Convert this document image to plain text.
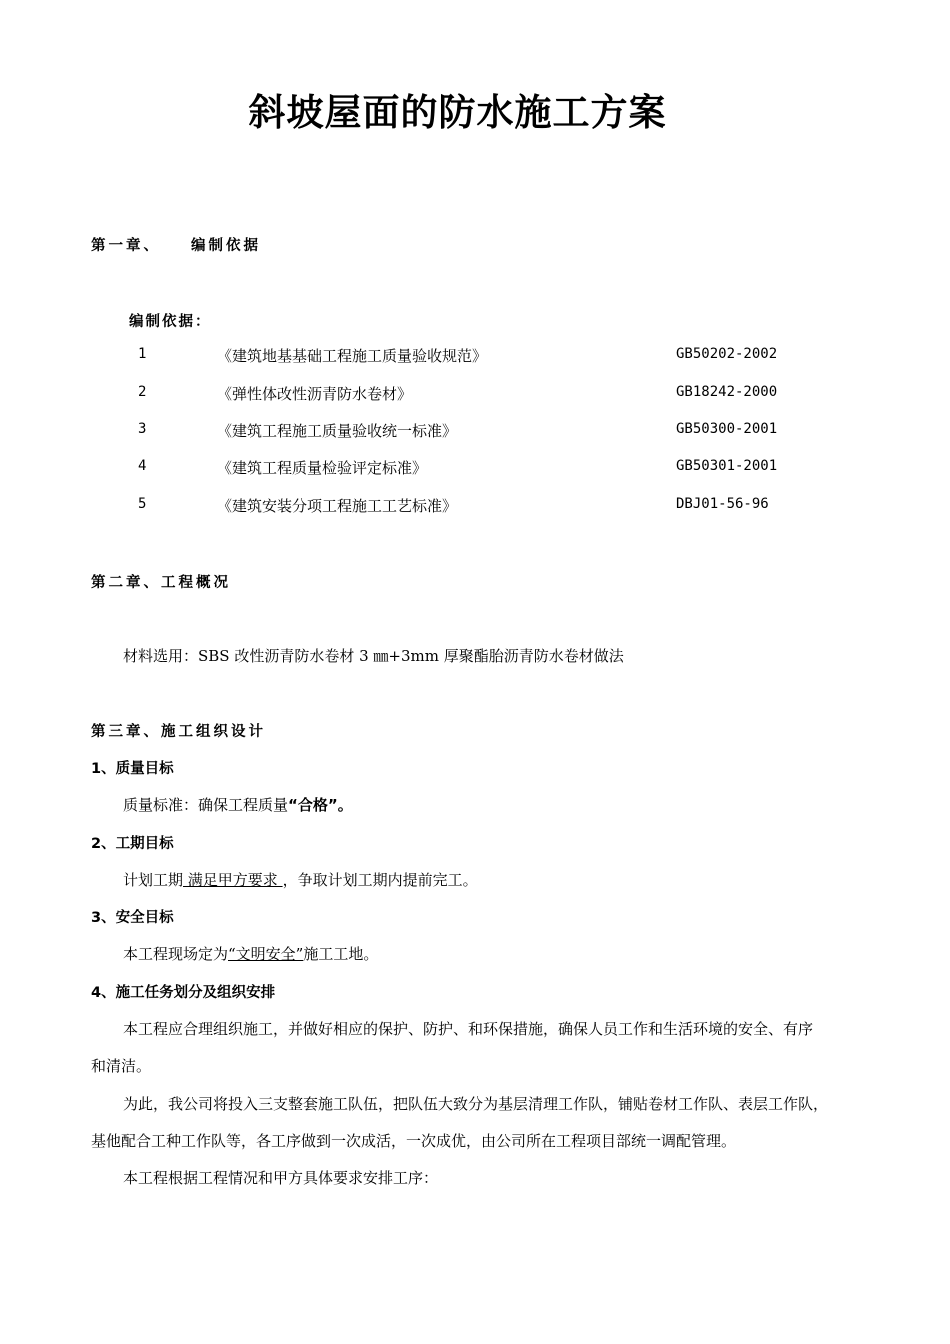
斜坡屋面的防水施工方案
第一章、 编制依据
编制依据：
1	《建筑地基基础工程施工质量验收规范》	GB50202-2002
2	《弹性体改性沥青防水卷材》	GB18242-2000
3	《建筑工程施工质量验收统一标准》	GB50300-2001
4	《建筑工程质量检验评定标准》	GB50301-2001
5	《建筑安装分项工程施工工艺标准》	DBJ01-56-96
第二章、工程概况
材料选用：SBS 改性沥青防水卷材 3 ㎜+3mm 厚聚酯胎沥青防水卷材做法
第三章、施工组织设计
1、质量目标
质量标准：确保工程质量“合格”。
2、工期目标
计划工期 满足甲方要求 ，争取计划工期内提前完工。
3、安全目标
本工程现场定为“文明安全”施工工地。
4、施工任务划分及组织安排
本工程应合理组织施工，并做好相应的保护、防护、和环保措施，确保人员工作和生活环境的安全、有序
和清洁。
为此，我公司将投入三支整套施工队伍，把队伍大致分为基层清理工作队，铺贴卷材工作队、表层工作队，
基他配合工种工作队等，各工序做到一次成活，一次成优，由公司所在工程项目部统一调配管理。
本工程根据工程情况和甲方具体要求安排工序：
